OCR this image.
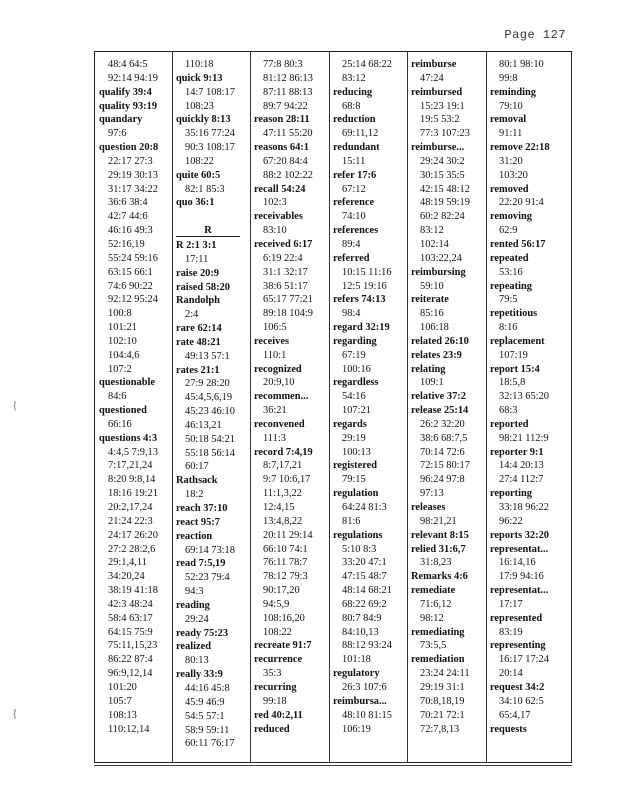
Page 127
{
{
48:4 64:5
92:14 94:19
qualify 39:4
quality 93:19
quandary
97:6
question 20:8
22:17 27:3
29:19 30:13
31:17 34:22
36:6 38:4
42:7 44:6
46:16 49:3
52:16,19
55:24 59:16
63:15 66:1
74:6 90:22
92:12 95:24
100:8
101:21
102:10
104:4,6
107:2
questionable
84:6
questioned
66:16
questions 4:3
4:4,5 7:9,13
7:17,21,24
8:20 9:8,14
18:16 19:21
20:2,17,24
21:24 22:3
24:17 26:20
27:2 28:2,6
29:1,4,11
34:20,24
38:19 41:18
42:3 48:24
58:4 63:17
64:15 75:9
75:11,15,23
86:22 87:4
96:9,12,14
101:20
105:7
108:13
110:12,14
110:18
quick 9:13
14:7 108:17
108:23
quickly 8:13
35:16 77:24
90:3 108:17
108:22
quite 60:5
82:1 85:3
quo 36:1
R
R 2:1 3:1
17:11
raise 20:9
raised 58:20
Randolph
2:4
rare 62:14
rate 48:21
49:13 57:1
rates 21:1
27:9 28:20
45:4,5,6,19
45:23 46:10
46:13,21
50:18 54:21
55:18 56:14
60:17
Rathsack
18:2
reach 37:10
react 95:7
reaction
69:14 73:18
read 7:5,19
52:23 79:4
94:3
reading
29:24
ready 75:23
realized
80:13
really 33:9
44:16 45:8
45:9 46:9
54:5 57:1
58:9 59:11
60:11 76:17
77:8 80:3
81:12 86:13
87:11 88:13
89:7 94:22
reason 28:11
47:11 55:20
reasons 64:1
67:20 84:4
88:2 102:22
recall 54:24
102:3
receivables
83:10
received 6:17
6:19 22:4
31:1 32:17
38:6 51:17
65:17 77:21
89:18 104:9
106:5
receives
110:1
recognized
20:9,10
recommen...
36:21
reconvened
111:3
record 7:4,19
8:7,17,21
9:7 10:6,17
11:1,3,22
12:4,15
13:4,8,22
20:11 29:14
66:10 74:1
76:11 78:7
78:12 79:3
90:17,20
94:5,9
108:16,20
108:22
recreate 91:7
recurrence
35:3
recurring
99:18
red 40:2,11
reduced
25:14 68:22
83:12
reducing
68:8
reduction
69:11,12
redundant
15:11
refer 17:6
67:12
reference
74:10
references
89:4
referred
10:15 11:16
12:5 19:16
refers 74:13
98:4
regard 32:19
regarding
67:19
100:16
regardless
54:16
107:21
regards
29:19
100:13
registered
79:15
regulation
64:24 81:3
81:6
regulations
5:10 8:3
33:20 47:1
47:15 48:7
48:14 68:21
68:22 69:2
80:7 84:9
84:10,13
88:12 93:24
101:18
regulatory
26:3 107:6
reimbursa...
48:10 81:15
106:19
reimburse
47:24
reimbursed
15:23 19:1
19:5 53:2
77:3 107:23
reimburse...
29:24 30:2
30:15 35:5
42:15 48:12
48:19 59:19
60:2 82:24
83:12
102:14
103:22,24
reimbursing
59:10
reiterate
85:16
106:18
related 26:10
relates 23:9
relating
109:1
relative 37:2
release 25:14
26:2 32:20
38:6 68:7,5
70:14 72:6
72:15 80:17
96:24 97:8
97:13
releases
98:21,21
relevant 8:15
relied 31:6,7
31:8,23
Remarks 4:6
remediate
71:6,12
98:12
remediating
73:5,5
remediation
23:24 24:11
29:19 31:1
70:8,18,19
70:21 72:1
72:7,8,13
80:1 98:10
99:8
reminding
79:10
removal
91:11
remove 22:18
31:20
103:20
removed
22:20 91:4
removing
62:9
rented 56:17
repeated
53:16
repeating
79:5
repetitious
8:16
replacement
107:19
report 15:4
18:5,8
32:13 65:20
68:3
reported
98:21 112:9
reporter 9:1
14:4 20:13
27:4 112:7
reporting
33:18 96:22
96:22
reports 32:20
representat...
16:14,16
17:9 94:16
representat...
17:17
represented
83:19
representing
16:17 17:24
20:14
request 34:2
34:10 62:5
65:4,17
requests
